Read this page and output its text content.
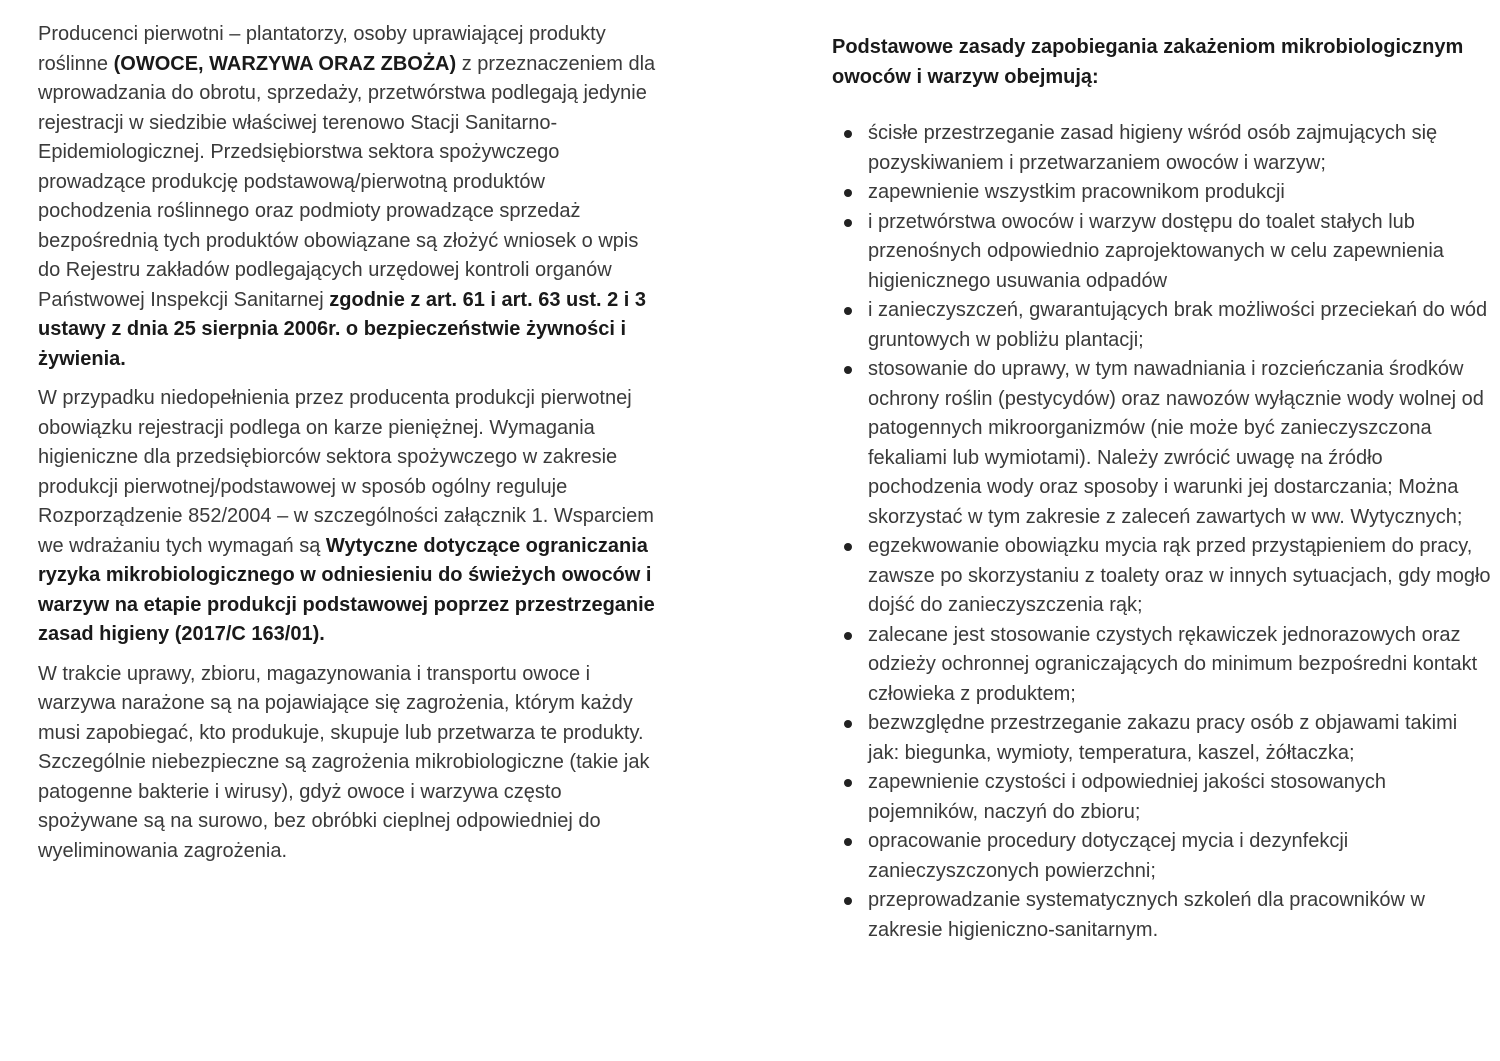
Producenci pierwotni – plantatorzy, osoby uprawiającej produkty roślinne (OWOCE, WARZYWA ORAZ ZBOŻA) z przeznaczeniem dla wprowadzania do obrotu, sprzedaży, przetwórstwa podlegają jedynie rejestracji w siedzibie właściwej terenowo Stacji Sanitarno- Epidemiologicznej. Przedsiębiorstwa sektora spożywczego prowadzące produkcję podstawową/pierwotną produktów pochodzenia roślinnego oraz podmioty prowadzące sprzedaż bezpośrednią tych produktów obowiązane są złożyć wniosek o wpis do Rejestru zakładów podlegających urzędowej kontroli organów Państwowej Inspekcji Sanitarnej zgodnie z art. 61 i art. 63 ust. 2 i 3 ustawy z dnia 25 sierpnia 2006r. o bezpieczeństwie żywności i żywienia.

W przypadku niedopełnienia przez producenta produkcji pierwotnej obowiązku rejestracji podlega on karze pieniężnej. Wymagania higieniczne dla przedsiębiorców sektora spożywczego w zakresie produkcji pierwotnej/podstawowej w sposób ogólny reguluje Rozporządzenie 852/2004 – w szczególności załącznik 1. Wsparciem we wdrażaniu tych wymagań są Wytyczne dotyczące ograniczania ryzyka mikrobiologicznego w odniesieniu do świeżych owoców i warzyw na etapie produkcji podstawowej poprzez przestrzeganie zasad higieny (2017/C 163/01).

W trakcie uprawy, zbioru, magazynowania i transportu owoce i warzywa narażone są na pojawiające się zagrożenia, którym każdy musi zapobiegać, kto produkuje, skupuje lub przetwarza te produkty. Szczególnie niebezpieczne są zagrożenia mikrobiologiczne (takie jak patogenne bakterie i wirusy), gdyż owoce i warzywa często spożywane są na surowo, bez obróbki cieplnej odpowiedniej do wyeliminowania zagrożenia.

Podstawowe zasady zapobiegania zakażeniom mikrobiologicznym owoców i warzyw obejmują:
ścisłe przestrzeganie zasad higieny wśród osób zajmujących się pozyskiwaniem i przetwarzaniem owoców i warzyw;
zapewnienie wszystkim pracownikom produkcji
i przetwórstwa owoców i warzyw dostępu do toalet stałych lub przenośnych odpowiednio zaprojektowanych w celu zapewnienia higienicznego usuwania odpadów
i zanieczyszczeń, gwarantujących brak możliwości przeciekań do wód gruntowych w pobliżu plantacji;
stosowanie do uprawy, w tym nawadniania i rozcieńczania środków ochrony roślin (pestycydów) oraz nawozów wyłącznie wody wolnej od patogennych mikroorganizmów (nie może być zanieczyszczona fekaliami lub wymiotami). Należy zwrócić uwagę na źródło pochodzenia wody oraz sposoby i warunki jej dostarczania; Można skorzystać w tym zakresie z zaleceń zawartych w ww. Wytycznych;
egzekwowanie obowiązku mycia rąk przed przystąpieniem do pracy, zawsze po skorzystaniu z toalety oraz w innych sytuacjach, gdy mogło dojść do zanieczyszczenia rąk;
zalecane jest stosowanie czystych rękawiczek jednorazowych oraz odzieży ochronnej ograniczających do minimum bezpośredni kontakt człowieka z produktem;
bezwzględne przestrzeganie zakazu pracy osób z objawami takimi jak: biegunka, wymioty, temperatura, kaszel, żółtaczka;
zapewnienie czystości i odpowiedniej jakości stosowanych pojemników, naczyń do zbioru;
opracowanie procedury dotyczącej mycia i dezynfekcji zanieczyszczonych powierzchni;
przeprowadzanie systematycznych szkoleń dla pracowników w zakresie higieniczno-sanitarnym.
